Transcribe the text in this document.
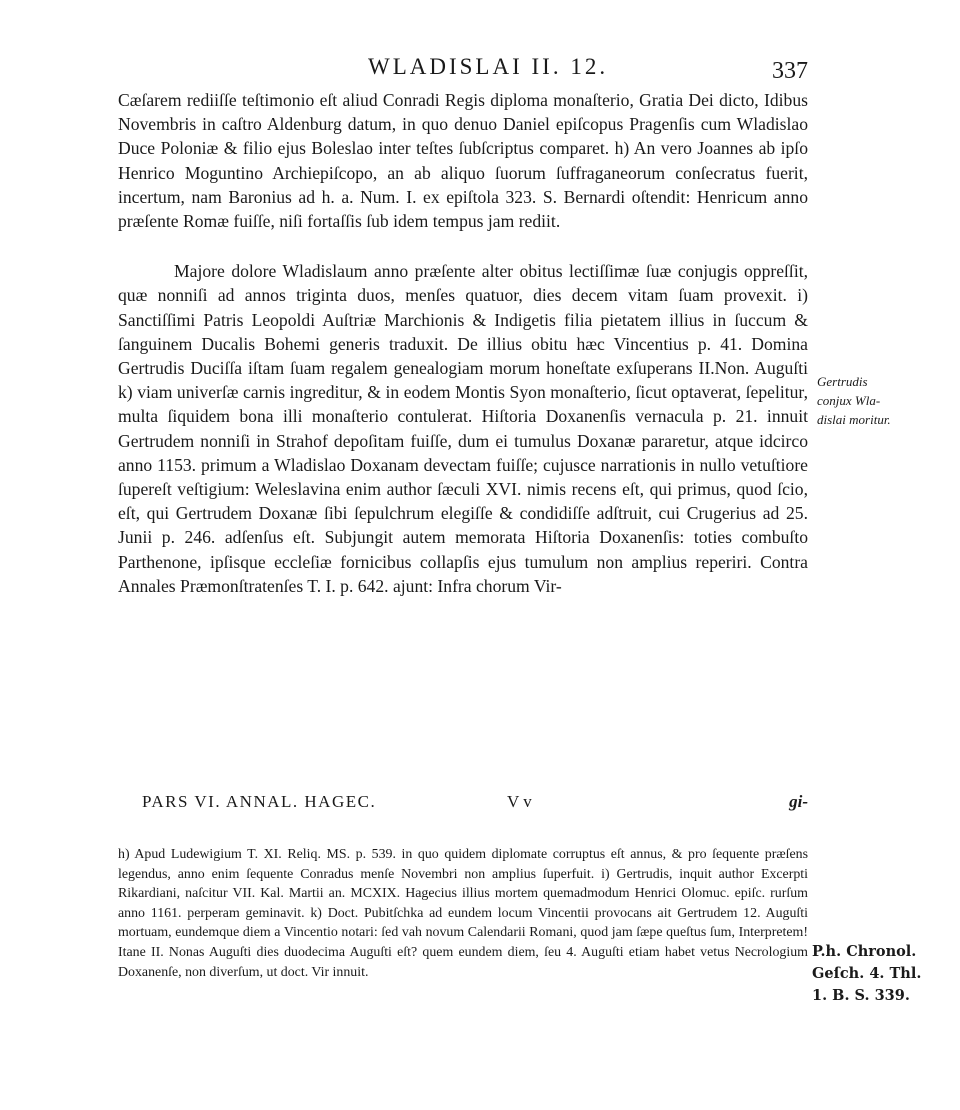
WLADISLAI II. 12.	337

Cæſarem rediiſſe teſtimonio eſt aliud Conradi Regis diploma monaſterio, Gratia Dei dicto, Idibus Novembris in caſtro Aldenburg datum, in quo denuo Daniel epiſcopus Pragenſis cum Wladislao Duce Poloniæ & filio ejus Boleslao inter teſtes ſubſcriptus comparet. h) An vero Joannes ab ipſo Henrico Moguntino Archiepiſcopo, an ab aliquo ſuorum ſuffraganeorum conſecratus fuerit, incertum, nam Baronius ad h. a. Num. I. ex epiſtola 323. S. Bernardi oſtendit: Henricum anno præſente Romæ fuiſſe, niſi fortaſſis ſub idem tempus jam rediit.

Majore dolore Wladislaum anno præſente alter obitus lectiſſimæ ſuæ conjugis oppreſſit, quæ nonniſi ad annos triginta duos, menſes quatuor, dies decem vitam ſuam provexit. i) Sanctiſſimi Patris Leopoldi Auſtriæ Marchionis & Indigetis filia pietatem illius in ſuccum & ſanguinem Ducalis Bohemi generis traduxit. De illius obitu hæc Vincentius p. 41. Domina Gertrudis Duciſſa iſtam ſuam regalem genealogiam morum honeſtate exſuperans II.Non. Auguſti k) viam univerſæ carnis ingreditur, & in eodem Montis Syon monaſterio, ſicut optaverat, ſepelitur, multa ſiquidem bona illi monaſterio contulerat. Hiſtoria Doxanenſis vernacula p. 21. innuit Gertrudem nonniſi in Strahof depoſitam fuiſſe, dum ei tumulus Doxanæ pararetur, atque idcirco anno 1153. primum a Wladislao Doxanam devectam fuiſſe; cujusce narrationis in nullo vetuſtiore ſupereſt veſtigium: Weleslavina enim author ſæculi XVI. nimis recens eſt, qui primus, quod ſcio, eſt, qui Gertrudem Doxanæ ſibi ſepulchrum elegiſſe & condidiſſe adſtruit, cui Crugerius ad 25. Junii p. 246. adſenſus eſt. Subjungit autem memorata Hiſtoria Doxanenſis: toties combuſto Parthenone, ipſisque eccleſiæ fornicibus collapſis ejus tumulum non amplius reperiri. Contra Annales Præmonſtratenſes T. I. p. 642. ajunt: Infra chorum Vir-

PARS VI. ANNAL. HAGEC.	V v	gi-
h) Apud Ludewigium T. XI. Reliq. MS. p. 539. in quo quidem diplomate corruptus eſt annus, & pro ſequente præſens legendus, anno enim ſequente Conradus menſe Novembri non amplius ſuperfuit. i) Gertrudis, inquit author Excerpti Rikardiani, naſcitur VII. Kal. Martii an. MCXIX. Hagecius illius mortem quemadmodum Henrici Olomuc. epiſc. rurſum anno 1161. perperam geminavit. k) Doct. Pubitſchka ad eundem locum Vincentii provocans ait Gertrudem 12. Auguſti mortuam, eundemque diem a Vincentio notari: ſed vah novum Calendarii Romani, quod jam ſæpe queſtus ſum, Interpretem! Itane II. Nonas Auguſti dies duodecima Auguſti eſt? quem eundem diem, ſeu 4. Auguſti etiam habet vetus Necrologium Doxanenſe, non diverſum, ut doct. Vir innuit.
Gertrudis
conjux Wla-
dislai moritur.
P.h. Chronol.
Geſch. 4. Thl.
1. B. S. 339.
